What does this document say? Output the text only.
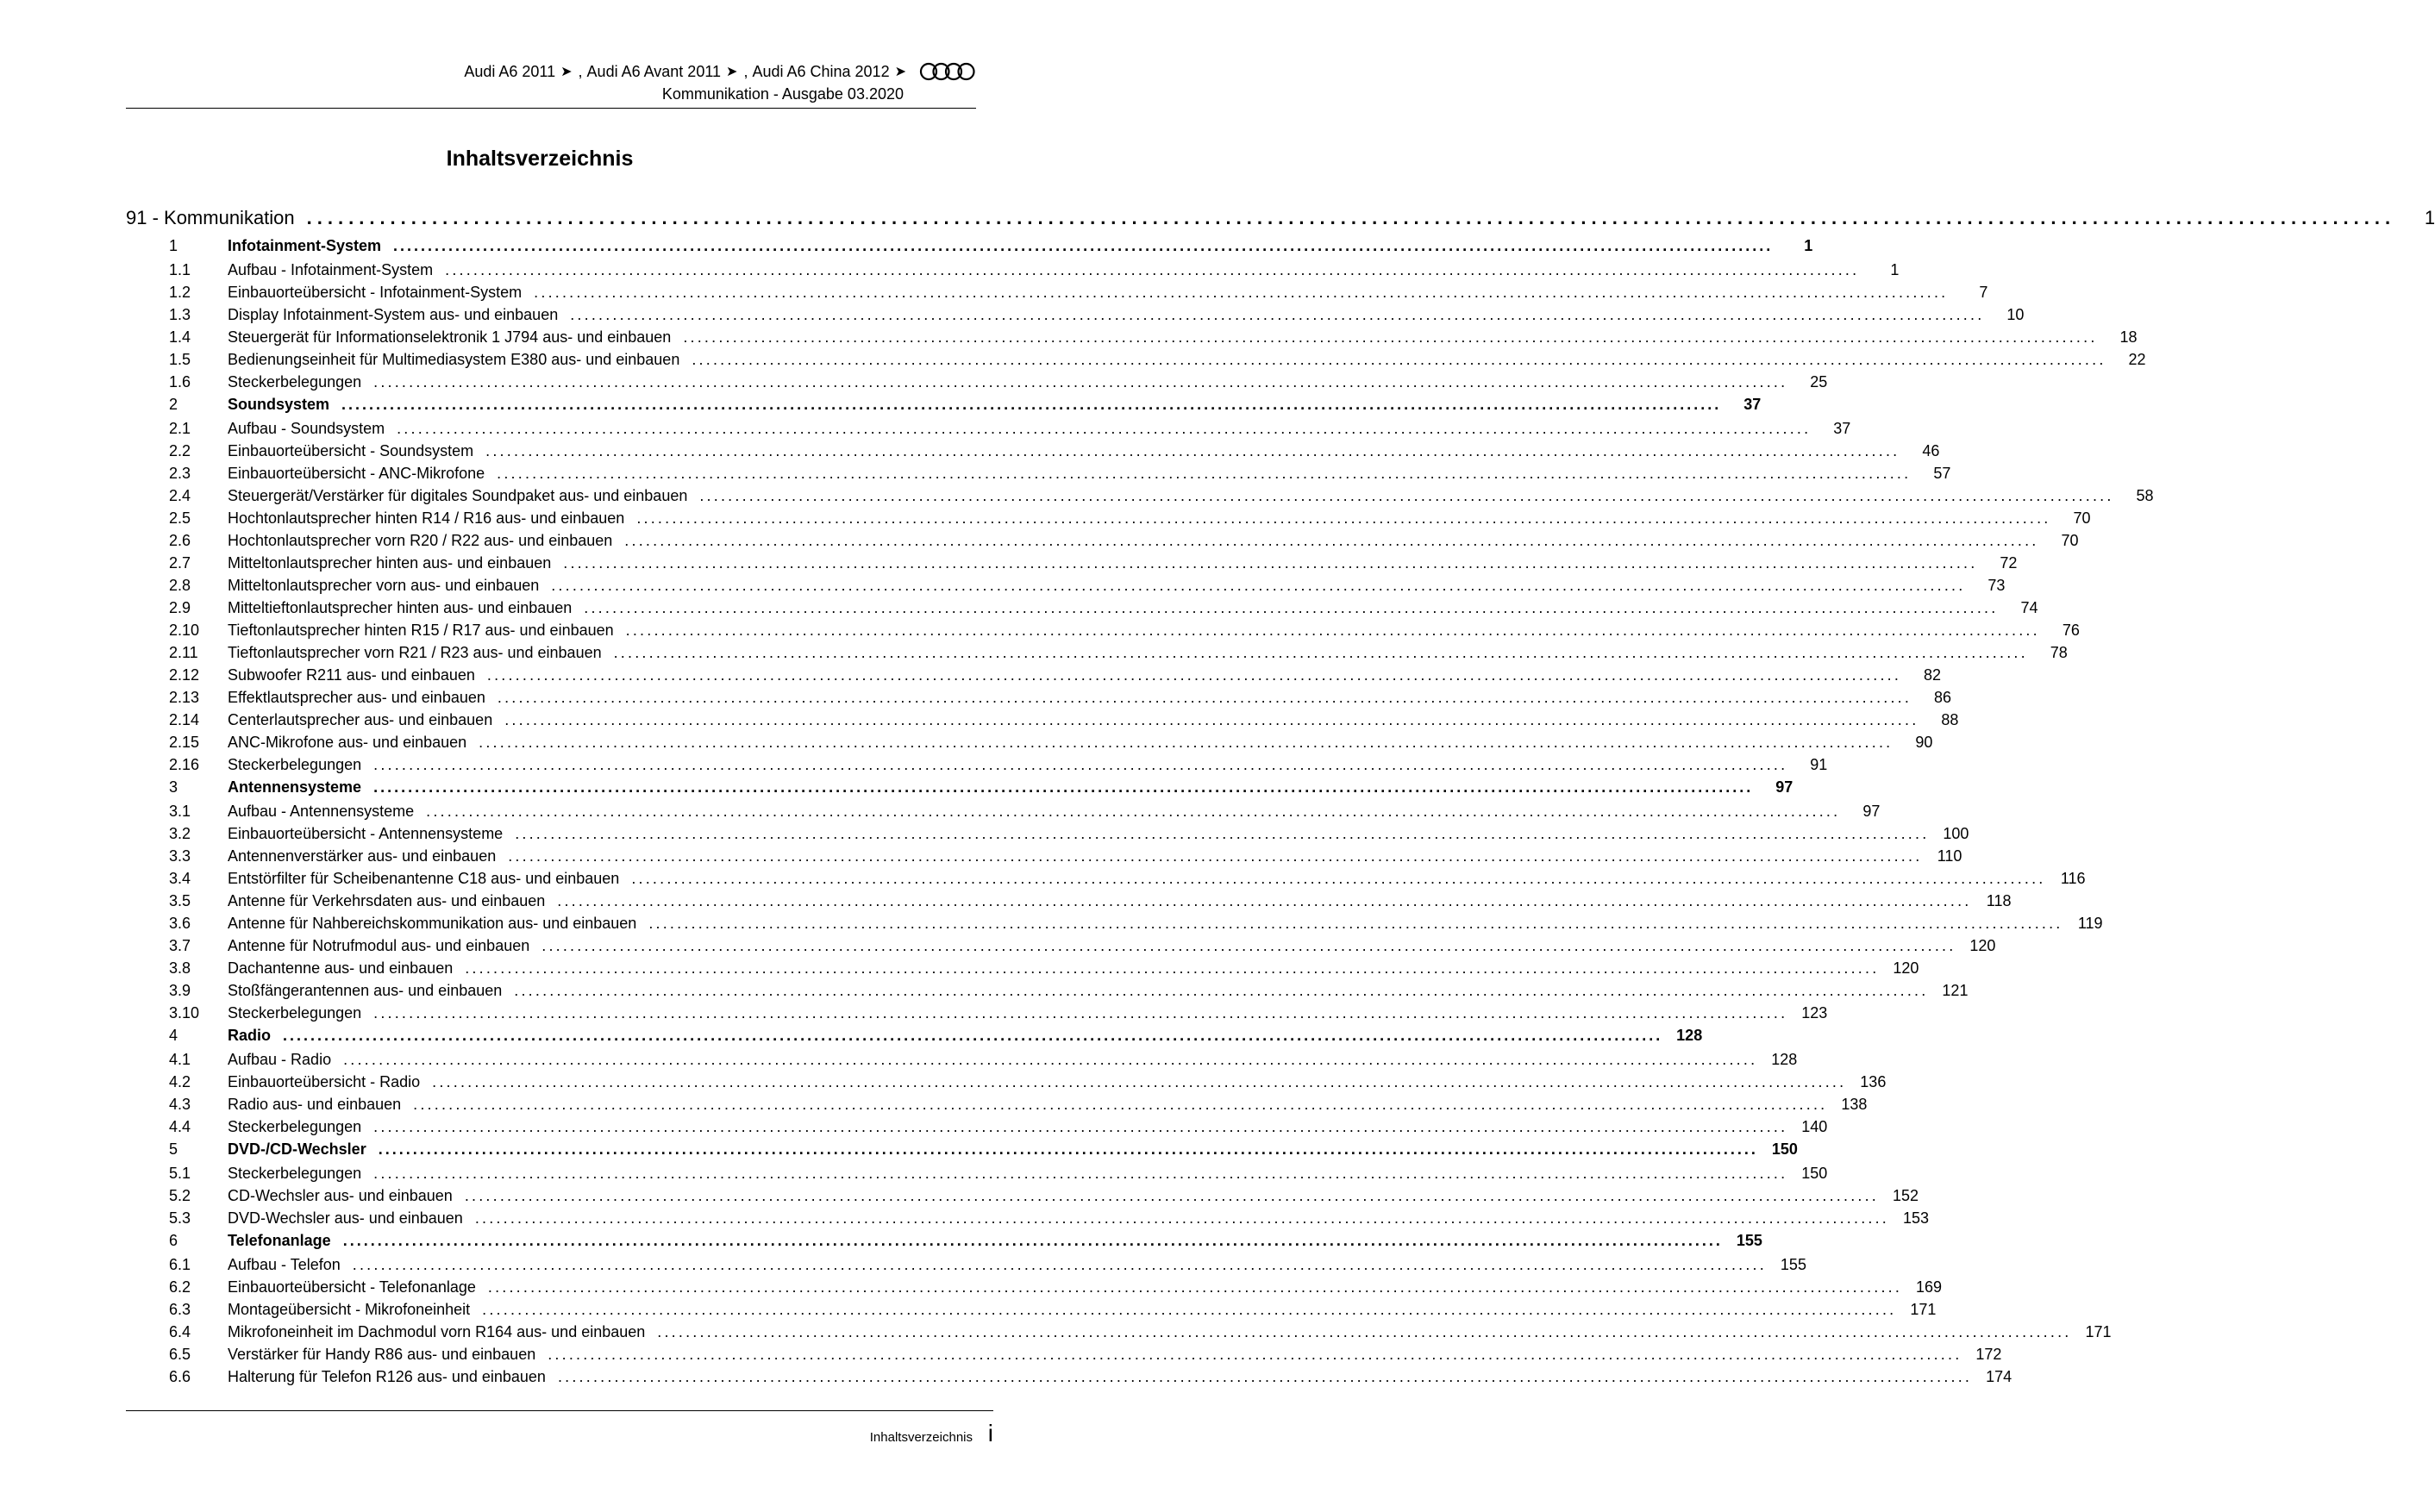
Audi A6 2011 ➤ , Audi A6 Avant 2011 ➤ , Audi A6 China 2012 ➤
Kommunikation - Ausgabe 03.2020
Inhaltsverzeichnis
91 - Kommunikation ........................................................................................................................................................................................................	1
1	Infotainment-System ........................................................................................................................................................................................................	1
1.1	Aufbau - Infotainment-System ........................................................................................................................................................................................................	1
1.2	Einbauorteübersicht - Infotainment-System ........................................................................................................................................................................................................	7
1.3	Display Infotainment-System aus- und einbauen ........................................................................................................................................................................................................	10
1.4	Steuergerät für Informationselektronik 1 J794 aus- und einbauen ........................................................................................................................................................................................................	18
1.5	Bedienungseinheit für Multimediasystem E380 aus- und einbauen ........................................................................................................................................................................................................	22
1.6	Steckerbelegungen ........................................................................................................................................................................................................	25
2	Soundsystem ........................................................................................................................................................................................................	37
2.1	Aufbau - Soundsystem ........................................................................................................................................................................................................	37
2.2	Einbauorteübersicht - Soundsystem ........................................................................................................................................................................................................	46
2.3	Einbauorteübersicht - ANC-Mikrofone ........................................................................................................................................................................................................	57
2.4	Steuergerät/Verstärker für digitales Soundpaket aus- und einbauen ........................................................................................................................................................................................................	58
2.5	Hochtonlautsprecher hinten R14 / R16 aus- und einbauen ........................................................................................................................................................................................................	70
2.6	Hochtonlautsprecher vorn R20 / R22 aus- und einbauen ........................................................................................................................................................................................................	70
2.7	Mitteltonlautsprecher hinten aus- und einbauen ........................................................................................................................................................................................................	72
2.8	Mitteltonlautsprecher vorn aus- und einbauen ........................................................................................................................................................................................................	73
2.9	Mitteltieftonlautsprecher hinten aus- und einbauen ........................................................................................................................................................................................................	74
2.10	Tieftonlautsprecher hinten R15 / R17 aus- und einbauen ........................................................................................................................................................................................................	76
2.11	Tieftonlautsprecher vorn R21 / R23 aus- und einbauen ........................................................................................................................................................................................................	78
2.12	Subwoofer R211 aus- und einbauen ........................................................................................................................................................................................................	82
2.13	Effektlautsprecher aus- und einbauen ........................................................................................................................................................................................................	86
2.14	Centerlautsprecher aus- und einbauen ........................................................................................................................................................................................................	88
2.15	ANC-Mikrofone aus- und einbauen ........................................................................................................................................................................................................	90
2.16	Steckerbelegungen ........................................................................................................................................................................................................	91
3	Antennensysteme ........................................................................................................................................................................................................	97
3.1	Aufbau - Antennensysteme ........................................................................................................................................................................................................	97
3.2	Einbauorteübersicht - Antennensysteme ........................................................................................................................................................................................................ 100
3.3	Antennenverstärker aus- und einbauen ........................................................................................................................................................................................................ 110
3.4	Entstörfilter für Scheibenantenne C18 aus- und einbauen ........................................................................................................................................................................................................ 116
3.5	Antenne für Verkehrsdaten aus- und einbauen ........................................................................................................................................................................................................ 118
3.6	Antenne für Nahbereichskommunikation aus- und einbauen ........................................................................................................................................................................................................ 119
3.7	Antenne für Notrufmodul aus- und einbauen ........................................................................................................................................................................................................ 120
3.8	Dachantenne aus- und einbauen ........................................................................................................................................................................................................ 120
3.9	Stoßfängerantennen aus- und einbauen ........................................................................................................................................................................................................ 121
3.10	Steckerbelegungen ........................................................................................................................................................................................................ 123
4	Radio ........................................................................................................................................................................................................ 128
4.1	Aufbau - Radio ........................................................................................................................................................................................................ 128
4.2	Einbauorteübersicht - Radio ........................................................................................................................................................................................................ 136
4.3	Radio aus- und einbauen ........................................................................................................................................................................................................ 138
4.4	Steckerbelegungen ........................................................................................................................................................................................................ 140
5	DVD-/CD-Wechsler ........................................................................................................................................................................................................ 150
5.1	Steckerbelegungen ........................................................................................................................................................................................................ 150
5.2	CD-Wechsler aus- und einbauen ........................................................................................................................................................................................................ 152
5.3	DVD-Wechsler aus- und einbauen ........................................................................................................................................................................................................ 153
6	Telefonanlage ........................................................................................................................................................................................................ 155
6.1	Aufbau - Telefon ........................................................................................................................................................................................................ 155
6.2	Einbauorteübersicht - Telefonanlage ........................................................................................................................................................................................................ 169
6.3	Montageübersicht - Mikrofoneinheit ........................................................................................................................................................................................................ 171
6.4	Mikrofoneinheit im Dachmodul vorn R164 aus- und einbauen ........................................................................................................................................................................................................ 171
6.5	Verstärker für Handy R86 aus- und einbauen ........................................................................................................................................................................................................ 172
6.6	Halterung für Telefon R126 aus- und einbauen ........................................................................................................................................................................................................ 174
Inhaltsverzeichnis i
